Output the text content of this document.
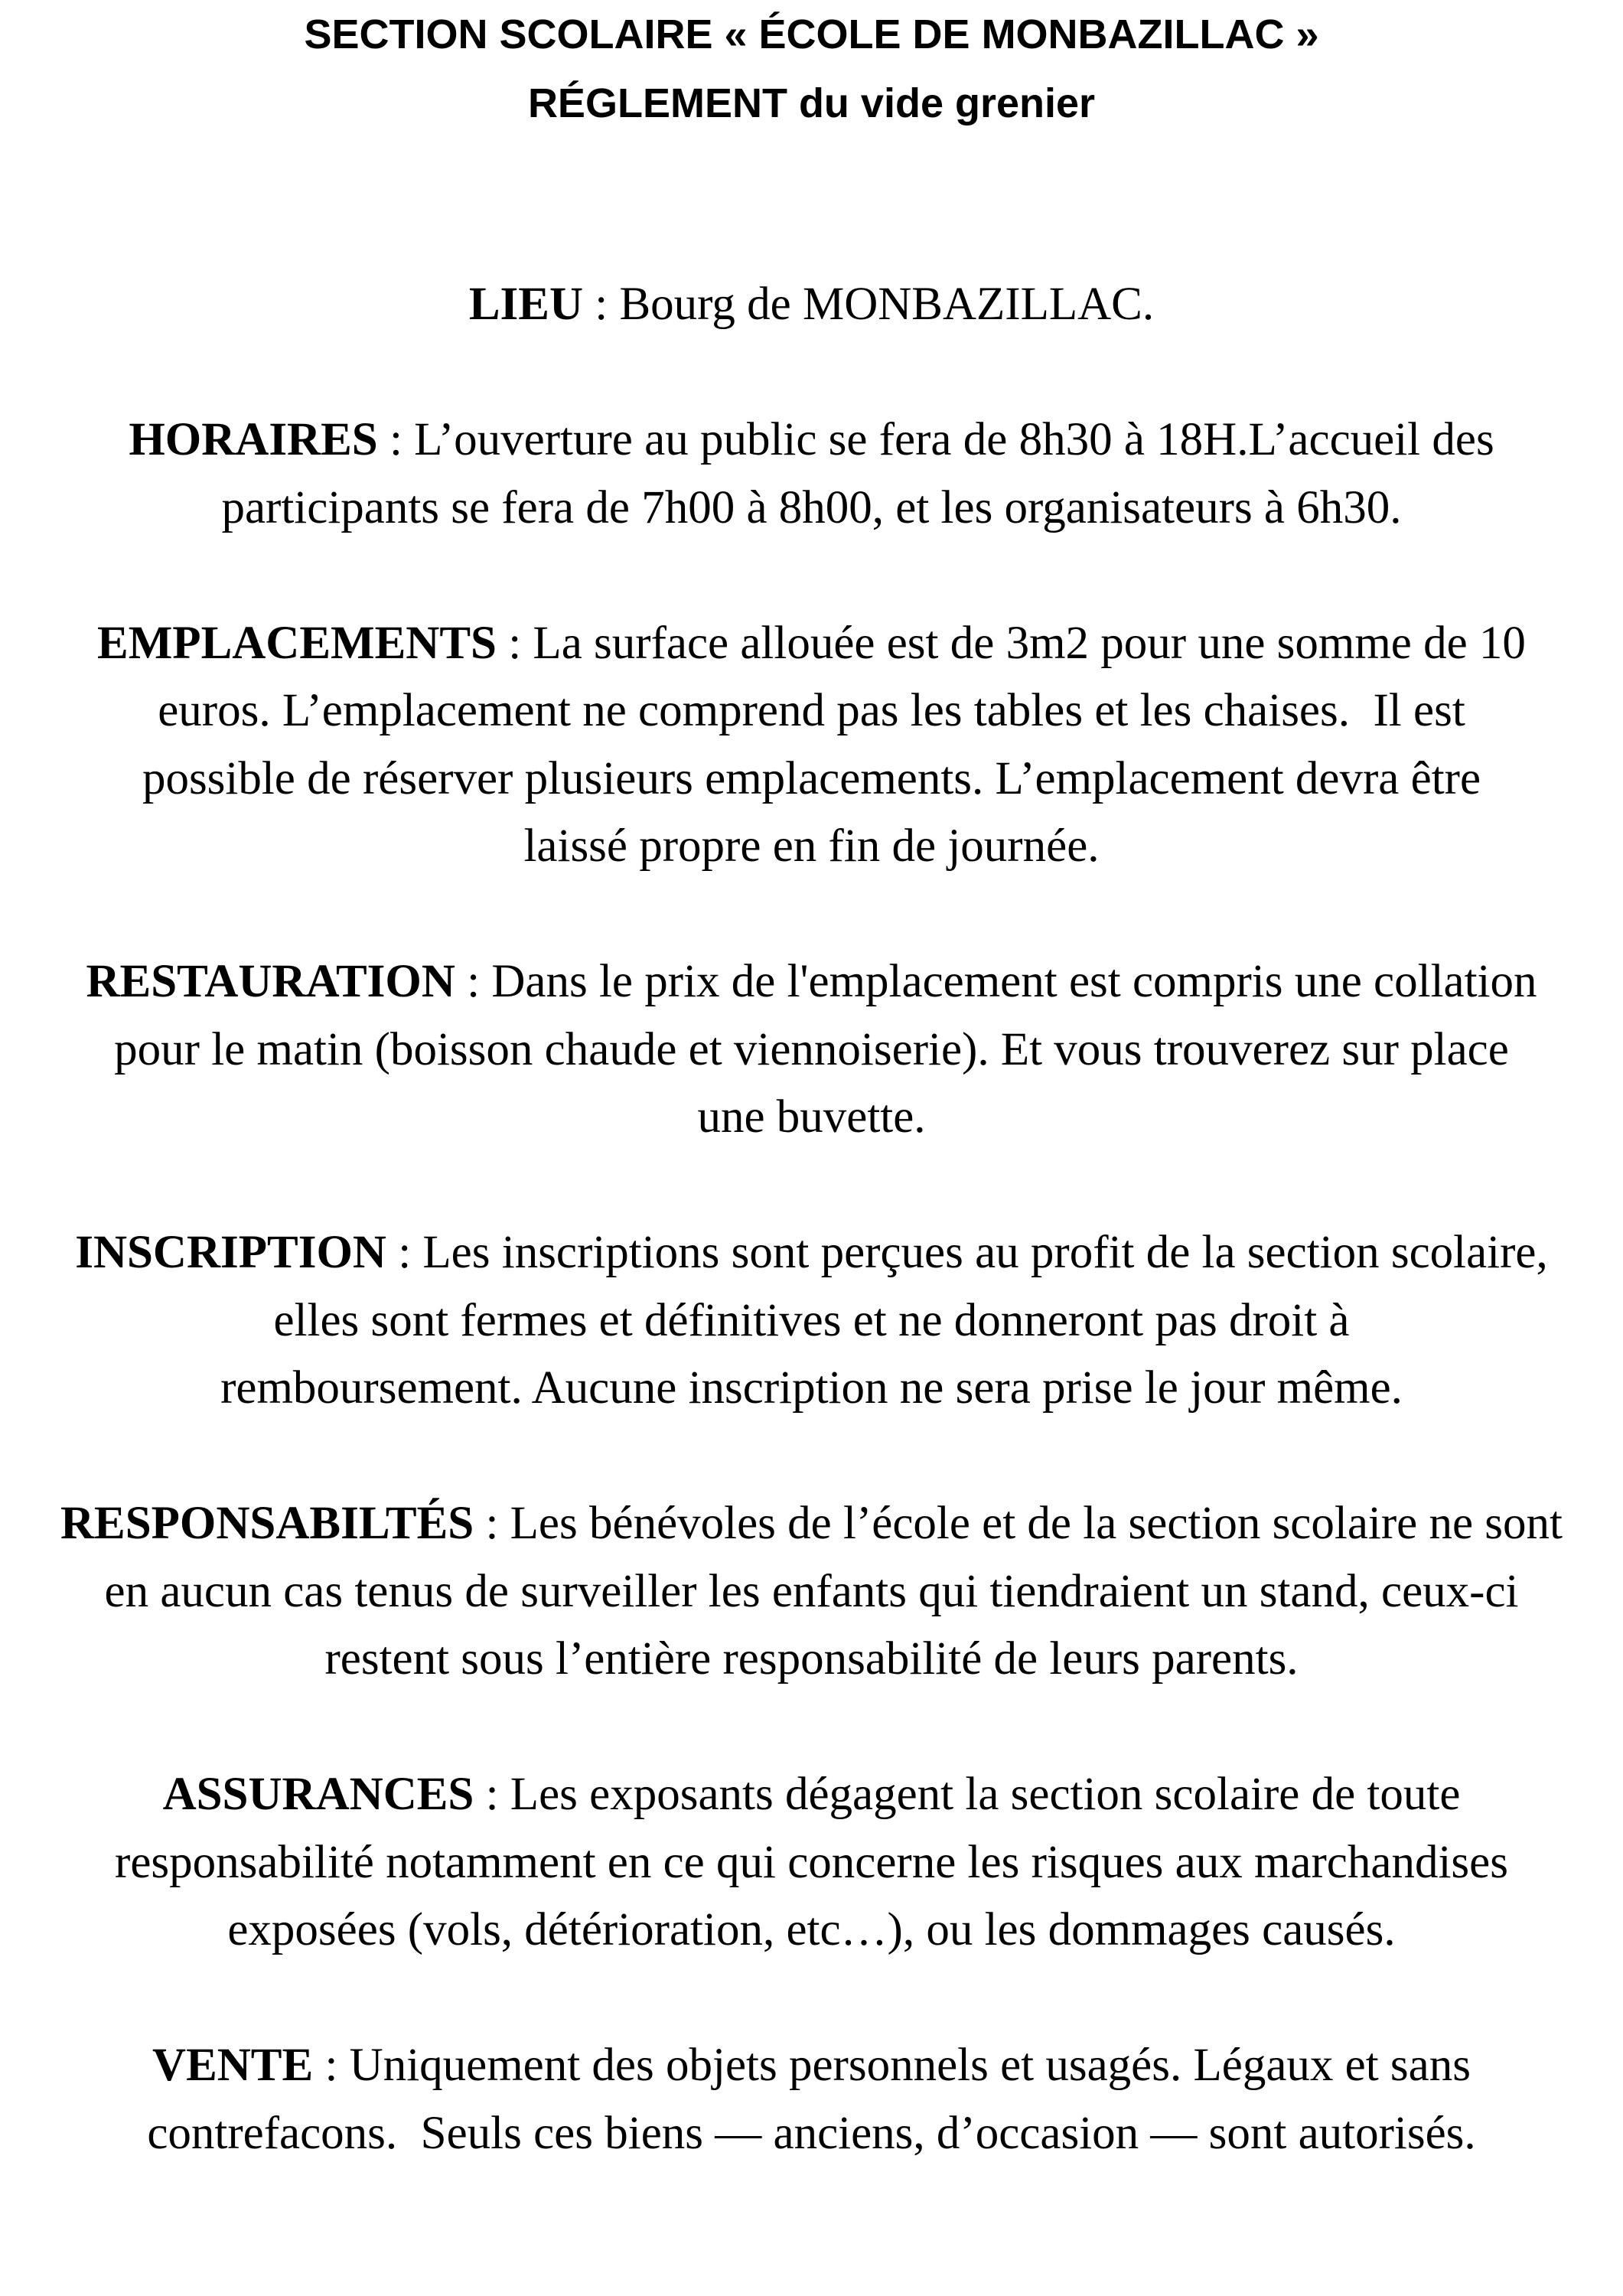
SECTION SCOLAIRE « ÉCOLE DE MONBAZILLAC »
RÉGLEMENT du vide grenier
LIEU : Bourg de MONBAZILLAC.
HORAIRES : L’ouverture au public se fera de 8h30 à 18H.L’accueil des
participants se fera de 7h00 à 8h00, et les organisateurs à 6h30.
EMPLACEMENTS : La surface allouée est de 3m2 pour une somme de 10
euros. L’emplacement ne comprend pas les tables et les chaises.  Il est
possible de réserver plusieurs emplacements. L’emplacement devra être
laissé propre en fin de journée.
RESTAURATION : Dans le prix de l'emplacement est compris une collation
pour le matin (boisson chaude et viennoiserie). Et vous trouverez sur place
une buvette.
INSCRIPTION : Les inscriptions sont perçues au profit de la section scolaire,
elles sont fermes et définitives et ne donneront pas droit à
remboursement. Aucune inscription ne sera prise le jour même.
RESPONSABILTÉS : Les bénévoles de l’école et de la section scolaire ne sont
en aucun cas tenus de surveiller les enfants qui tiendraient un stand, ceux-ci
restent sous l’entière responsabilité de leurs parents.
ASSURANCES : Les exposants dégagent la section scolaire de toute
responsabilité notamment en ce qui concerne les risques aux marchandises
exposées (vols, détérioration, etc…), ou les dommages causés.
VENTE : Uniquement des objets personnels et usagés. Légaux et sans
contrefacons.  Seuls ces biens — anciens, d’occasion — sont autorisés.
